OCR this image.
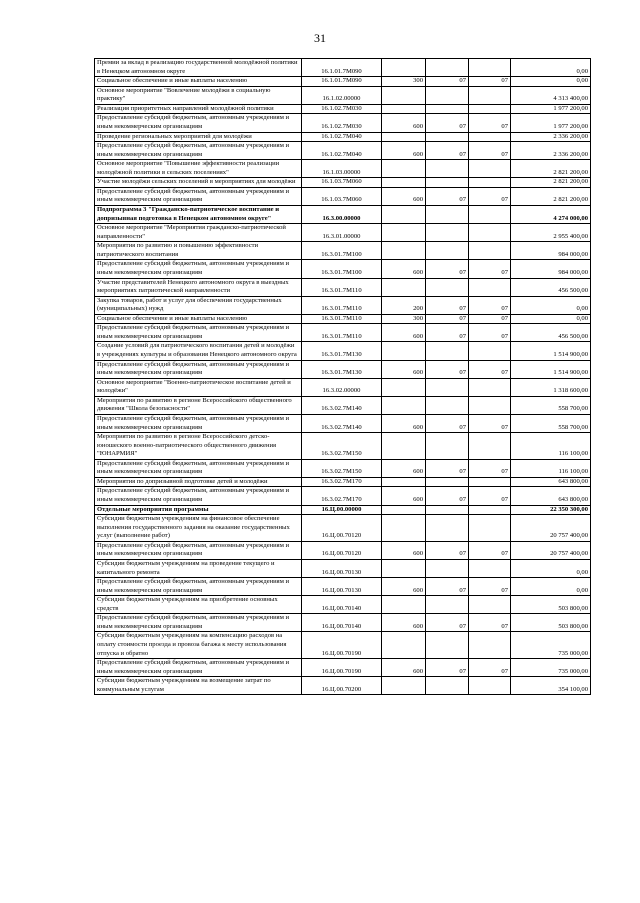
31
Премии за вклад в реализацию государственной молодёжной политики в Ненецком автономном округе	16.1.01.7М090				0,00
Социальное обеспечение и иные выплаты населению	16.1.01.7М090	300	07	07	0,00
Основное мероприятие "Вовлечение молодёжи в социальную практику"	16.1.02.00000				4 313 400,00
Реализация приоритетных направлений молодёжной политики	16.1.02.7М030				1 977 200,00
Предоставление субсидий бюджетным, автономным учреждениям и иным некоммерческим организациям	16.1.02.7М030	600	07	07	1 977 200,00
Проведение региональных мероприятий для молодёжи	16.1.02.7М040				2 336 200,00
Предоставление субсидий бюджетным, автономным учреждениям и иным некоммерческим организациям	16.1.02.7М040	600	07	07	2 336 200,00
Основное мероприятие "Повышение эффективности реализации молодёжной политики в сельских поселениях"	16.1.03.00000				2 821 200,00
Участие молодёжи сельских поселений в мероприятиях для молодёжи	16.1.03.7М060				2 821 200,00
Предоставление субсидий бюджетным, автономным учреждениям и иным некоммерческим организациям	16.1.03.7М060	600	07	07	2 821 200,00
Подпрограмма 3 "Гражданско-патриотическое воспитание и допризывная подготовка в Ненецком автономном округе"	16.3.00.00000				4 274 000,00
Основное мероприятие "Мероприятия гражданско-патриотической направленности"	16.3.01.00000				2 955 400,00
Мероприятия по развитию и повышению эффективности патриотического воспитания	16.3.01.7М100				984 000,00
Предоставление субсидий бюджетным, автономным учреждениям и иным некоммерческим организациям	16.3.01.7М100	600	07	07	984 000,00
Участие представителей Ненецкого автономного округа в выездных мероприятиях патриотической направленности	16.3.01.7М110				456 500,00
Закупка товаров, работ и услуг для обеспечения государственных (муниципальных) нужд	16.3.01.7М110	200	07	07	0,00
Социальное обеспечение и иные выплаты населению	16.3.01.7М110	300	07	07	0,00
Предоставление субсидий бюджетным, автономным учреждениям и иным некоммерческим организациям	16.3.01.7М110	600	07	07	456 500,00
Создание условий для патриотического воспитания детей и молодёжи в учреждениях культуры и образования Ненецкого автономного округа	16.3.01.7М130				1 514 900,00
Предоставление субсидий бюджетным, автономным учреждениям и иным некоммерческим организациям	16.3.01.7М130	600	07	07	1 514 900,00
Основное мероприятие "Военно-патриотическое воспитание детей и молодёжи"	16.3.02.00000				1 318 600,00
Мероприятия по развитию в регионе Всероссийского общественного движения "Школа безопасности"	16.3.02.7М140				558 700,00
Предоставление субсидий бюджетным, автономным учреждениям и иным некоммерческим организациям	16.3.02.7М140	600	07	07	558 700,00
Мероприятия по развитию в регионе Всероссийского детско-юношеского военно-патриотического общественного движения "ЮНАРМИЯ"	16.3.02.7М150				116 100,00
Предоставление субсидий бюджетным, автономным учреждениям и иным некоммерческим организациям	16.3.02.7М150	600	07	07	116 100,00
Мероприятия по допризывной подготовке детей и молодёжи	16.3.02.7М170				643 800,00
Предоставление субсидий бюджетным, автономным учреждениям и иным некоммерческим организациям	16.3.02.7М170	600	07	07	643 800,00
Отдельные мероприятия программы	16.Ц.00.00000				22 350 300,00
Субсидии бюджетным учреждениям на финансовое обеспечение выполнения государственного задания на оказание государственных услуг (выполнение работ)	16.Ц.00.70120				20 757 400,00
Предоставление субсидий бюджетным, автономным учреждениям и иным некоммерческим организациям	16.Ц.00.70120	600	07	07	20 757 400,00
Субсидии бюджетным учреждениям на проведение текущего и капитального ремонта	16.Ц.00.70130				0,00
Предоставление субсидий бюджетным, автономным учреждениям и иным некоммерческим организациям	16.Ц.00.70130	600	07	07	0,00
Субсидии бюджетным учреждениям на приобретение основных средств	16.Ц.00.70140				503 800,00
Предоставление субсидий бюджетным, автономным учреждениям и иным некоммерческим организациям	16.Ц.00.70140	600	07	07	503 800,00
Субсидии бюджетным учреждениям на компенсацию расходов на оплату стоимости проезда и провоза багажа к месту использования отпуска и обратно	16.Ц.00.70190				735 000,00
Предоставление субсидий бюджетным, автономным учреждениям и иным некоммерческим организациям	16.Ц.00.70190	600	07	07	735 000,00
Субсидии бюджетным учреждениям на возмещение затрат по коммунальным услугам	16.Ц.00.70200				354 100,00
